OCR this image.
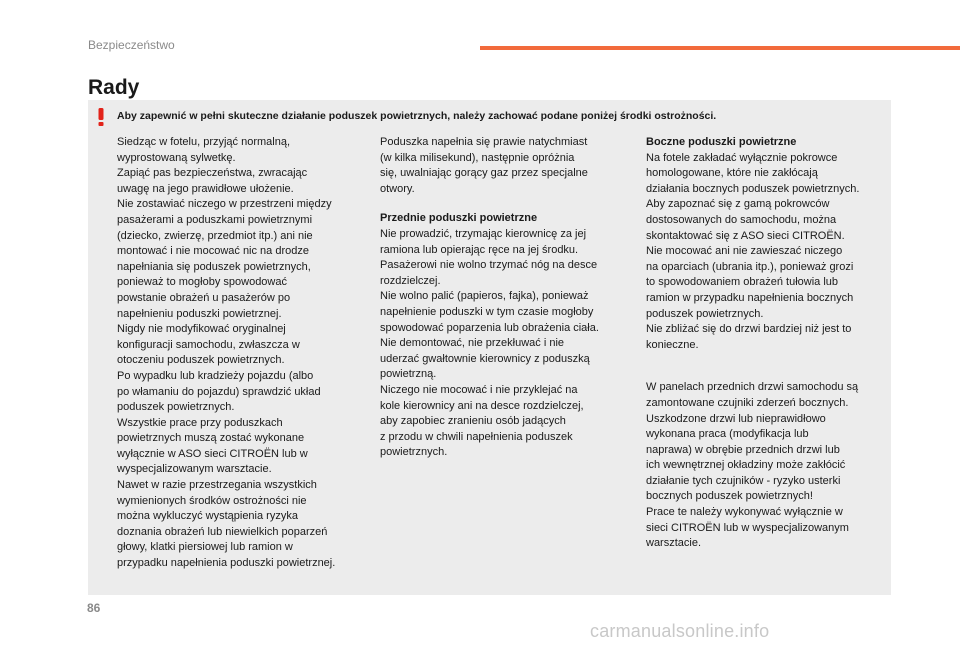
Bezpieczeństwo
Rady
Aby zapewnić w pełni skuteczne działanie poduszek powietrznych, należy zachować podane poniżej środki ostrożności.

Siedząc w fotelu, przyjąć normalną,
wyprostowaną sylwetkę.
Zapiąć pas bezpieczeństwa, zwracając
uwagę na jego prawidłowe ułożenie.
Nie zostawiać niczego w przestrzeni między
pasażerami a poduszkami powietrznymi
(dziecko, zwierzę, przedmiot itp.) ani nie
montować i nie mocować nic na drodze
napełniania się poduszek powietrznych,
ponieważ to mogłoby spowodować
powstanie obrażeń u pasażerów po
napełnieniu poduszki powietrznej.
Nigdy nie modyfikować oryginalnej
konfiguracji samochodu, zwłaszcza w
otoczeniu poduszek powietrznych.
Po wypadku lub kradzieży pojazdu (albo
po włamaniu do pojazdu) sprawdzić układ
poduszek powietrznych.
Wszystkie prace przy poduszkach
powietrznych muszą zostać wykonane
wyłącznie w ASO sieci CITROËN lub w
wyspecjalizowanym warsztacie.
Nawet w razie przestrzegania wszystkich
wymienionych środków ostrożności nie
można wykluczyć wystąpienia ryzyka
doznania obrażeń lub niewielkich poparzeń
głowy, klatki piersiowej lub ramion w
przypadku napełnienia poduszki powietrznej.

Poduszka napełnia się prawie natychmiast
(w kilka milisekund), następnie opróżnia
się, uwalniając gorący gaz przez specjalne
otwory.

Przednie poduszki powietrzne

Nie prowadzić, trzymając kierownicę za jej
ramiona lub opierając ręce na jej środku.
Pasażerowi nie wolno trzymać nóg na desce
rozdzielczej.
Nie wolno palić (papieros, fajka), ponieważ
napełnienie poduszki w tym czasie mogłoby
spowodować poparzenia lub obrażenia ciała.
Nie demontować, nie przekłuwać i nie
uderzać gwałtownie kierownicy z poduszką
powietrzną.
Niczego nie mocować i nie przyklejać na
kole kierownicy ani na desce rozdzielczej,
aby zapobiec zranieniu osób jadących
z przodu w chwili napełnienia poduszek
powietrznych.

Boczne poduszki powietrzne

Na fotele zakładać wyłącznie pokrowce
homologowane, które nie zakłócają
działania bocznych poduszek powietrznych.
Aby zapoznać się z gamą pokrowców
dostosowanych do samochodu, można
skontaktować się z ASO sieci CITROËN.
Nie mocować ani nie zawieszać niczego
na oparciach (ubrania itp.), ponieważ grozi
to spowodowaniem obrażeń tułowia lub
ramion w przypadku napełnienia bocznych
poduszek powietrznych.
Nie zbliżać się do drzwi bardziej niż jest to
konieczne.

W panelach przednich drzwi samochodu są
zamontowane czujniki zderzeń bocznych.
Uszkodzone drzwi lub nieprawidłowo
wykonana praca (modyfikacja lub
naprawa) w obrębie przednich drzwi lub
ich wewnętrznej okładziny może zakłócić
działanie tych czujników - ryzyko usterki
bocznych poduszek powietrznych!
Prace te należy wykonywać wyłącznie w
sieci CITROËN lub w wyspecjalizowanym
warsztacie.

86
carmanualsonline.info
